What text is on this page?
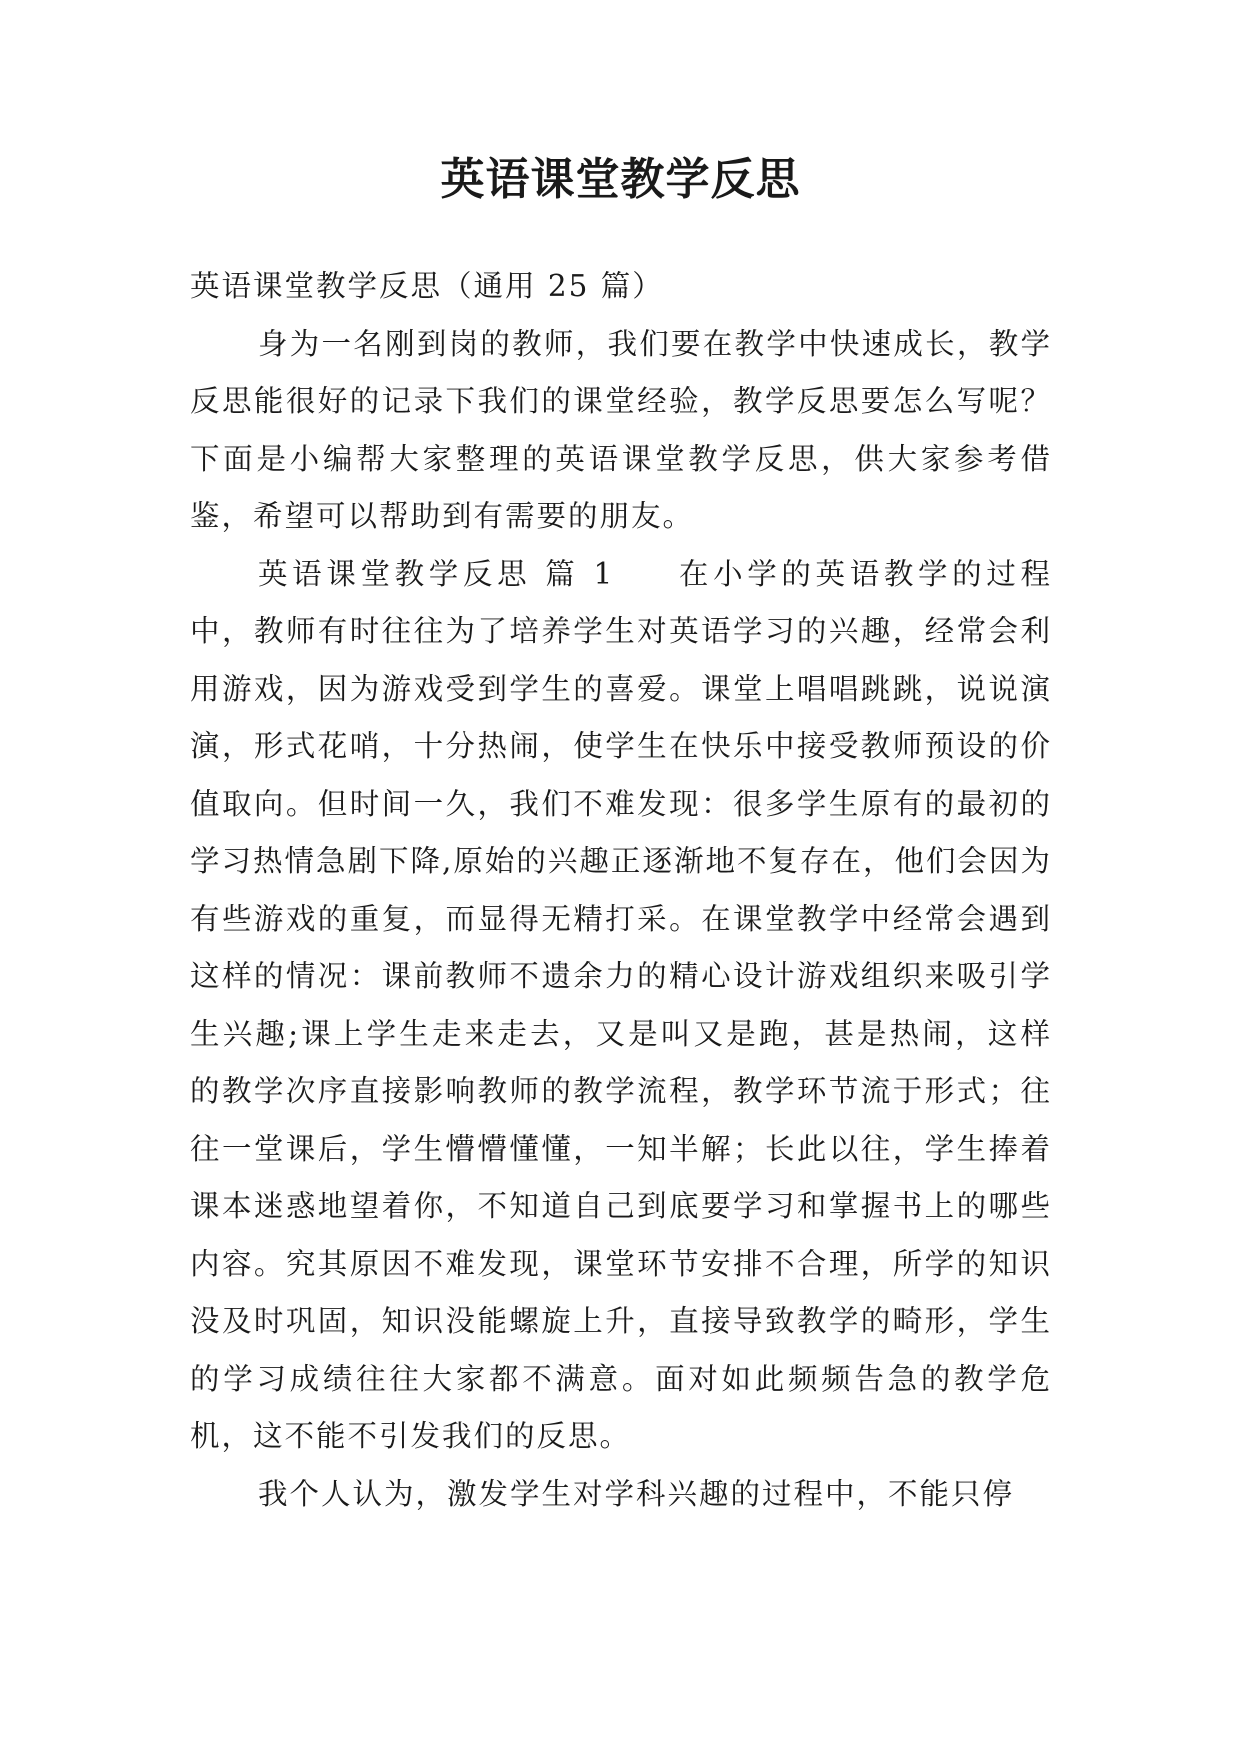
英语课堂教学反思

英语课堂教学反思（通用 25 篇）

身为一名刚到岗的教师，我们要在教学中快速成长，教学反思能很好的记录下我们的课堂经验，教学反思要怎么写呢？下面是小编帮大家整理的英语课堂教学反思，供大家参考借鉴，希望可以帮助到有需要的朋友。

英语课堂教学反思 篇 1 在小学的英语教学的过程中，教师有时往往为了培养学生对英语学习的兴趣，经常会利用游戏，因为游戏受到学生的喜爱。课堂上唱唱跳跳，说说演演，形式花哨，十分热闹，使学生在快乐中接受教师预设的价值取向。但时间一久，我们不难发现：很多学生原有的最初的学习热情急剧下降,原始的兴趣正逐渐地不复存在，他们会因为有些游戏的重复，而显得无精打采。在课堂教学中经常会遇到这样的情况：课前教师不遗余力的精心设计游戏组织来吸引学生兴趣;课上学生走来走去，又是叫又是跑，甚是热闹，这样的教学次序直接影响教师的教学流程，教学环节流于形式；往往一堂课后，学生懵懵懂懂，一知半解；长此以往，学生捧着课本迷惑地望着你，不知道自己到底要学习和掌握书上的哪些内容。究其原因不难发现，课堂环节安排不合理，所学的知识没及时巩固，知识没能螺旋上升，直接导致教学的畸形，学生的学习成绩往往大家都不满意。面对如此频频告急的教学危机，这不能不引发我们的反思。

我个人认为，激发学生对学科兴趣的过程中，不能只停
